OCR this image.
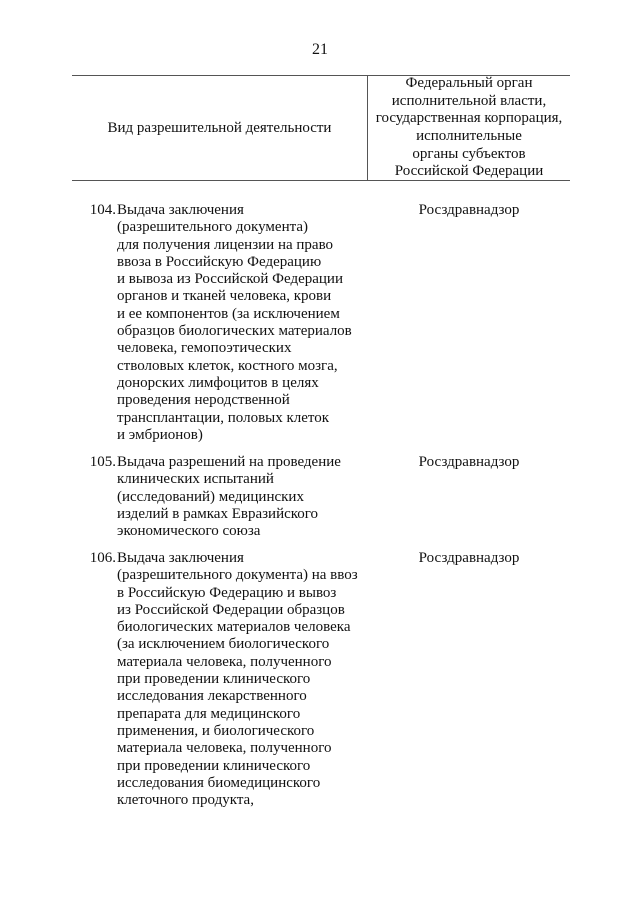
21
Вид разрешительной деятельности
Федеральный орган
исполнительной власти,
государственная корпорация,
исполнительные
органы субъектов
Российской Федерации
104. Выдача заключения
(разрешительного документа)
для получения лицензии на право
ввоза в Российскую Федерацию
и вывоза из Российской Федерации
органов и тканей человека, крови
и ее компонентов (за исключением
образцов биологических материалов
человека, гемопоэтических
стволовых клеток, костного мозга,
донорских лимфоцитов в целях
проведения неродственной
трансплантации, половых клеток
и эмбрионов)
Росздравнадзор
105. Выдача разрешений на проведение
клинических испытаний
(исследований) медицинских
изделий в рамках Евразийского
экономического союза
Росздравнадзор
106. Выдача заключения
(разрешительного документа) на ввоз
в Российскую Федерацию и вывоз
из Российской Федерации образцов
биологических материалов человека
(за исключением биологического
материала человека, полученного
при проведении клинического
исследования лекарственного
препарата для медицинского
применения, и биологического
материала человека, полученного
при проведении клинического
исследования биомедицинского
клеточного продукта,
Росздравнадзор
